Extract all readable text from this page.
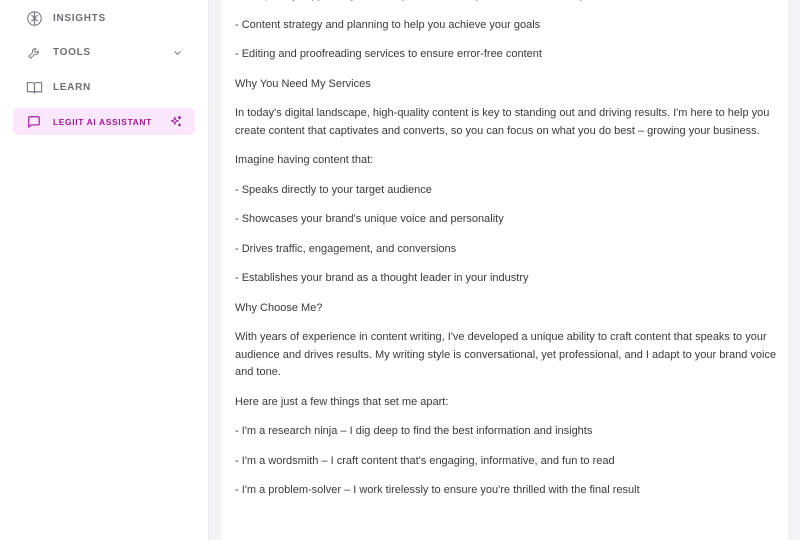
INSIGHTS
TOOLS
LEARN
LEGIIT AI ASSISTANT

- Content strategy and planning to help you achieve your goals

- Editing and proofreading services to ensure error-free content

Why You Need My Services

In today's digital landscape, high-quality content is key to standing out and driving results. I'm here to help you create content that captivates and converts, so you can focus on what you do best – growing your business.

Imagine having content that:

- Speaks directly to your target audience

- Showcases your brand's unique voice and personality

- Drives traffic, engagement, and conversions

- Establishes your brand as a thought leader in your industry

Why Choose Me?

With years of experience in content writing, I've developed a unique ability to craft content that speaks to your audience and drives results. My writing style is conversational, yet professional, and I adapt to your brand voice and tone.

Here are just a few things that set me apart:

- I'm a research ninja – I dig deep to find the best information and insights

- I'm a wordsmith – I craft content that's engaging, informative, and fun to read

- I'm a problem-solver – I work tirelessly to ensure you're thrilled with the final result
